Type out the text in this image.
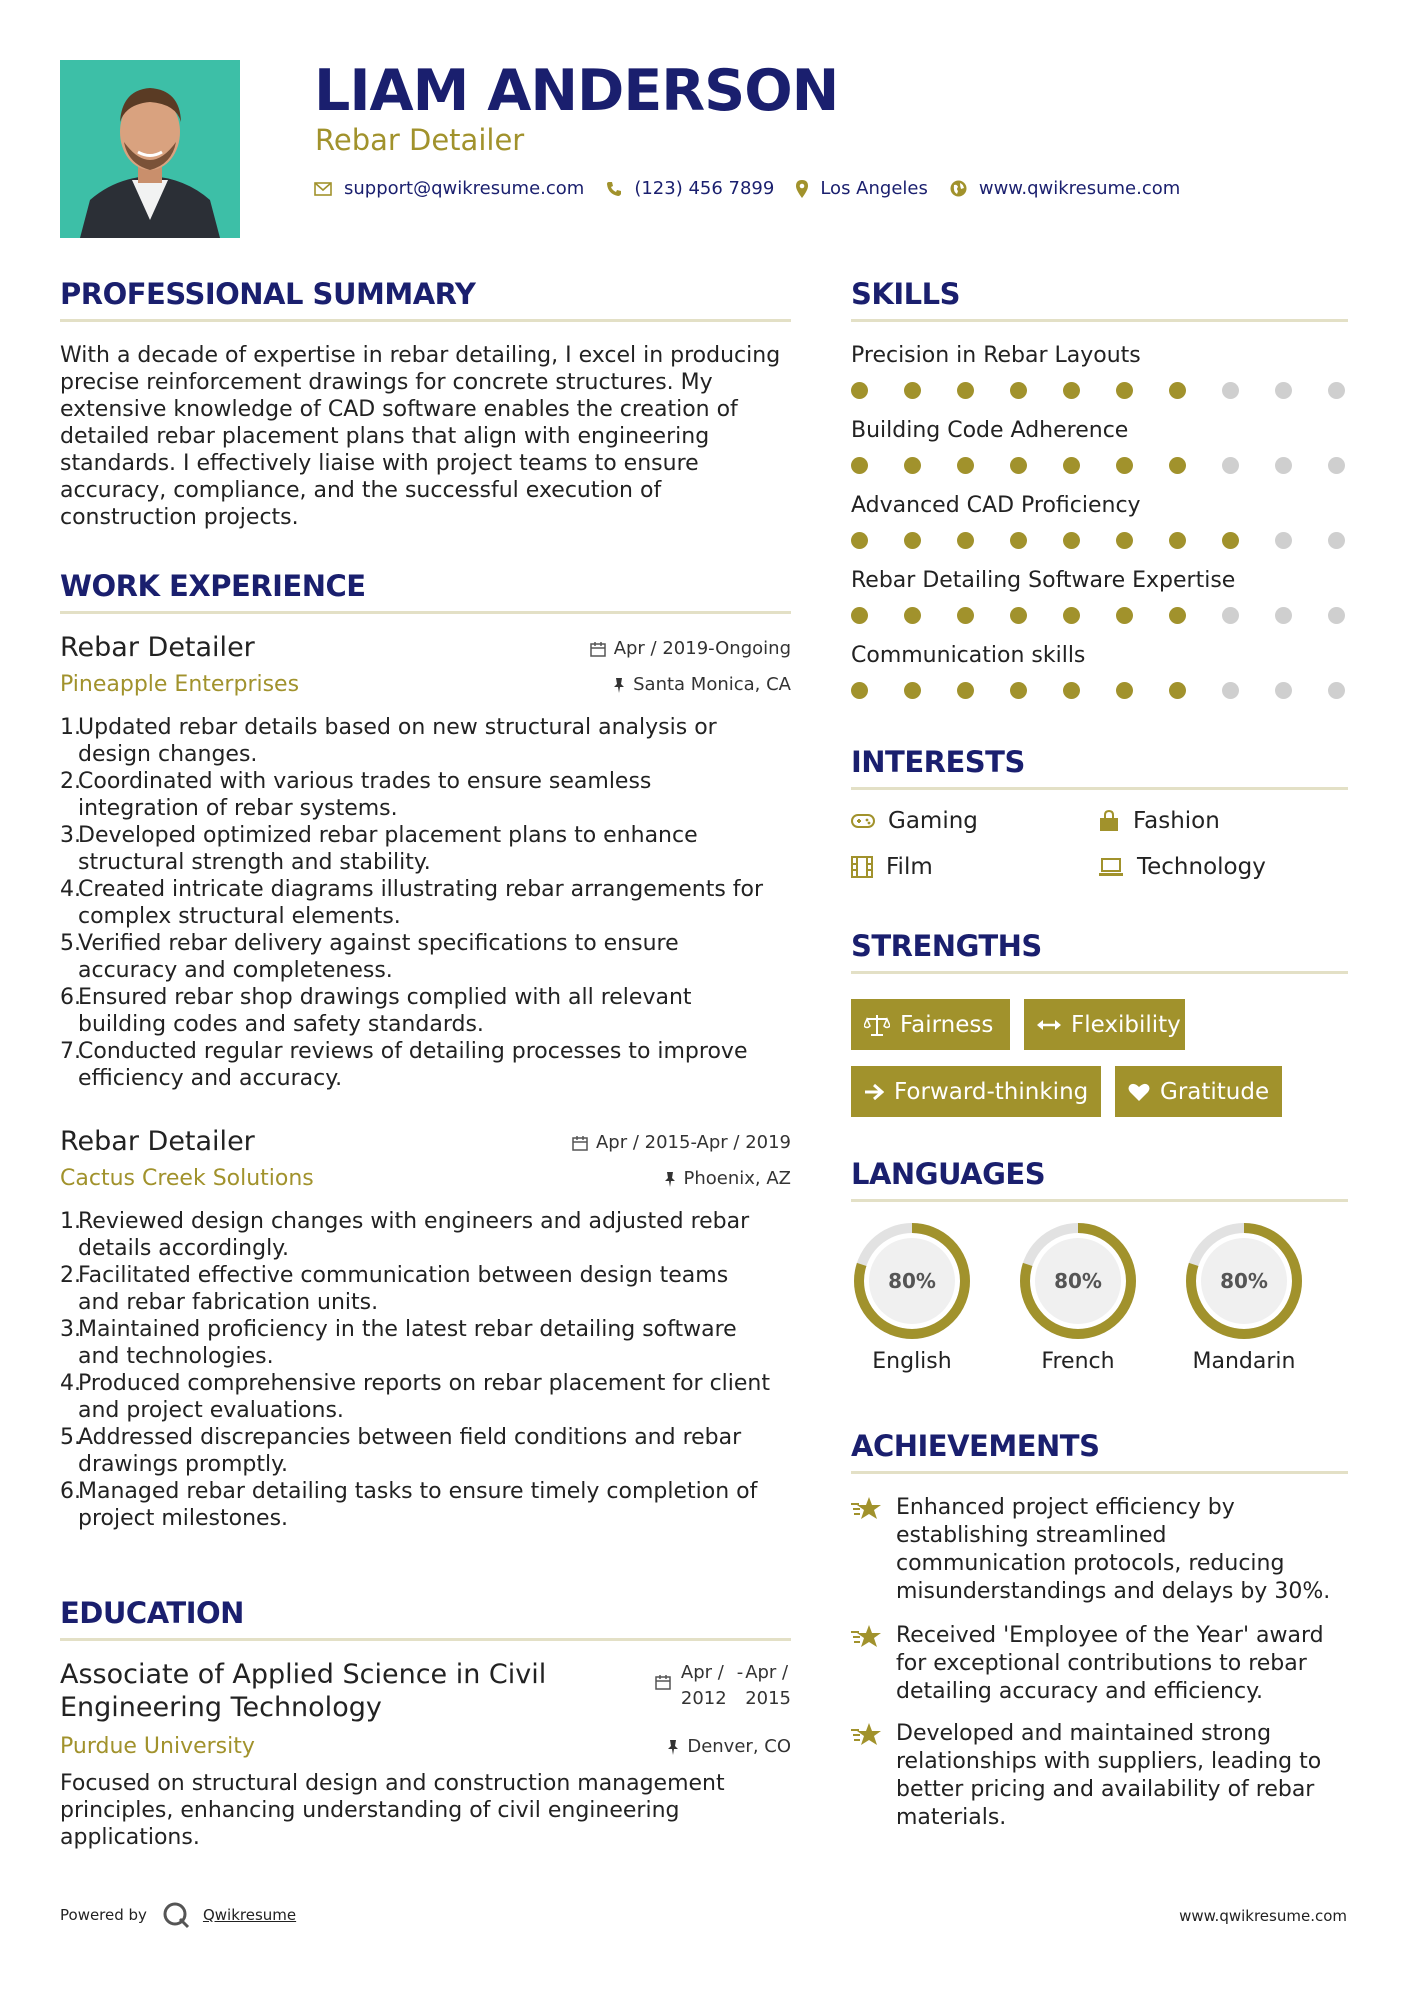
LIAM ANDERSON
Rebar Detailer
support@qwikresume.com	(123) 456 7899	Los Angeles	www.qwikresume.com
PROFESSIONAL SUMMARY
With a decade of expertise in rebar detailing, I excel in producing
precise reinforcement drawings for concrete structures. My
extensive knowledge of CAD software enables the creation of
detailed rebar placement plans that align with engineering
standards. I effectively liaise with project teams to ensure
accuracy, compliance, and the successful execution of
construction projects.
WORK EXPERIENCE
Rebar Detailer	Apr / 2019-Ongoing
Pineapple Enterprises	Santa Monica, CA
1.
Updated rebar details based on new structural analysis or
design changes.
2.
Coordinated with various trades to ensure seamless
integration of rebar systems.
3.
Developed optimized rebar placement plans to enhance
structural strength and stability.
4.
Created intricate diagrams illustrating rebar arrangements for
complex structural elements.
5.
Verified rebar delivery against specifications to ensure
accuracy and completeness.
6.
Ensured rebar shop drawings complied with all relevant
building codes and safety standards.
7.
Conducted regular reviews of detailing processes to improve
efficiency and accuracy.
Rebar Detailer	Apr / 2015-Apr / 2019
Cactus Creek Solutions	Phoenix, AZ
1.
Reviewed design changes with engineers and adjusted rebar
details accordingly.
2.
Facilitated effective communication between design teams
and rebar fabrication units.
3.
Maintained proficiency in the latest rebar detailing software
and technologies.
4.
Produced comprehensive reports on rebar placement for client
and project evaluations.
5.
Addressed discrepancies between field conditions and rebar
drawings promptly.
6.
Managed rebar detailing tasks to ensure timely completion of
project milestones.
EDUCATION
Associate of Applied Science in Civil
Engineering Technology
Apr /
2012
- Apr /
2015
Purdue University	Denver, CO
Focused on structural design and construction management
principles, enhancing understanding of civil engineering
applications.
SKILLS
Precision in Rebar Layouts
Building Code Adherence
Advanced CAD Proficiency
Rebar Detailing Software Expertise
Communication skills
INTERESTS
Gaming	Fashion
Film	Technology
STRENGTHS
Fairness	Flexibility
Forward-thinking	Gratitude
LANGUAGES
80%
English
80%
French
80%
Mandarin
ACHIEVEMENTS
Enhanced project efficiency by
establishing streamlined
communication protocols, reducing
misunderstandings and delays by 30%.
Received 'Employee of the Year' award
for exceptional contributions to rebar
detailing accuracy and efficiency.
Developed and maintained strong
relationships with suppliers, leading to
better pricing and availability of rebar
materials.
Powered by	Qwikresume	www.qwikresume.com
